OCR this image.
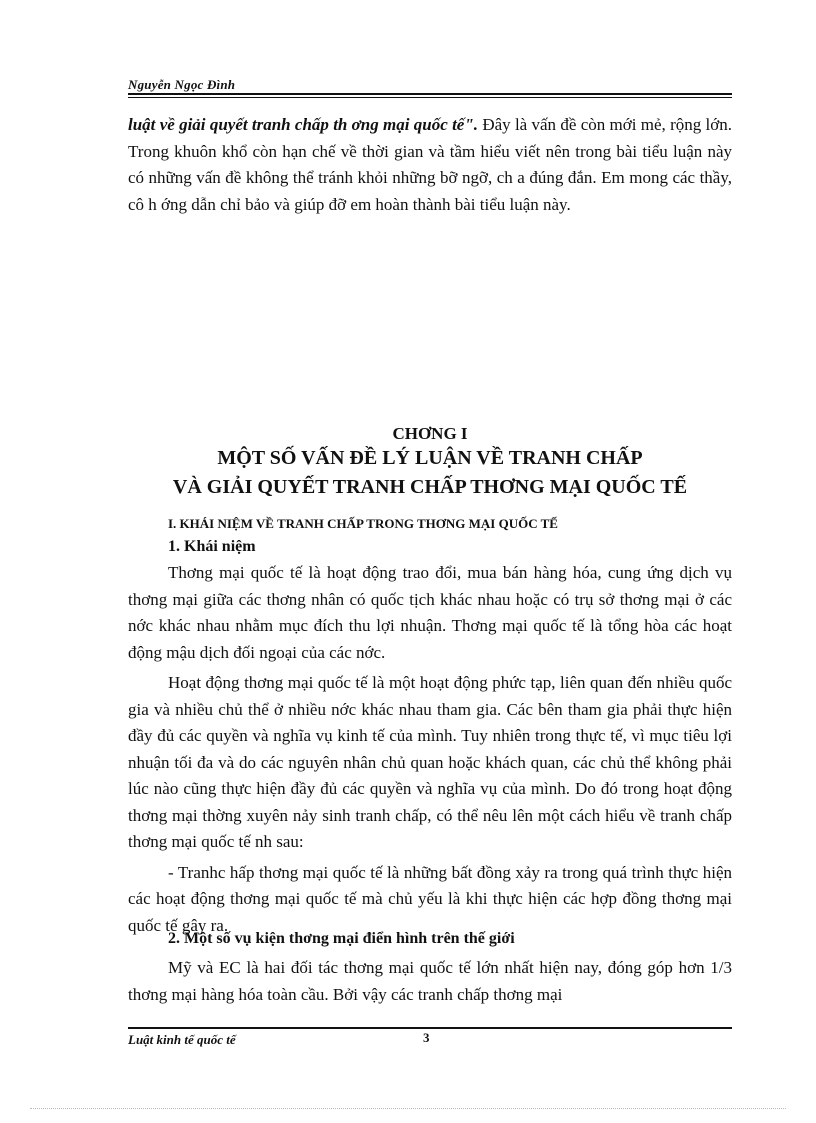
Nguyễn Ngọc Đình

luật về giải quyết tranh chấp th ơng mại quốc tế". Đây là vấn đề còn mới mẻ, rộng lớn. Trong khuôn khổ còn hạn chế về thời gian và tầm hiểu viết nên trong bài tiểu luận này có những vấn đề không thể tránh khỏi những bỡ ngỡ, ch a đúng đắn. Em mong các thầy, cô h ớng dẫn chỉ bảo và giúp đỡ em hoàn thành bài tiểu luận này.

CHƠNG I
MỘT SỐ VẤN ĐỀ LÝ LUẬN VỀ TRANH CHẤP
VÀ GIẢI QUYẾT TRANH CHẤP THƠNG MẠI QUỐC TẾ
I. KHÁI NIỆM VỀ TRANH CHẤP TRONG THƠNG MẠI QUỐC TẾ
1. Khái niệm

Thơng mại quốc tế là hoạt động trao đổi, mua bán hàng hóa, cung ứng dịch vụ thơng mại giữa các thơng nhân có quốc tịch khác nhau hoặc có trụ sở thơng mại ở các nớc khác nhau nhằm mục đích thu lợi nhuận. Thơng mại quốc tế là tổng hòa các hoạt động mậu dịch đối ngoại của các nớc.

Hoạt động thơng mại quốc tế là một hoạt động phức tạp, liên quan đến nhiều quốc gia và nhiều chủ thể ở nhiều nớc khác nhau tham gia. Các bên tham gia phải thực hiện đầy đủ các quyền và nghĩa vụ kinh tế của mình. Tuy nhiên trong thực tế, vì mục tiêu lợi nhuận tối đa và do các nguyên nhân chủ quan hoặc khách quan, các chủ thể không phải lúc nào cũng thực hiện đầy đủ các quyền và nghĩa vụ của mình. Do đó trong hoạt động thơng mại thờng xuyên nảy sinh tranh chấp, có thể nêu lên một cách hiểu về tranh chấp thơng mại quốc tế nh sau:

- Tranhc hấp thơng mại quốc tế là những bất đồng xảy ra trong quá trình thực hiện các hoạt động thơng mại quốc tế mà chủ yếu là khi thực hiện các hợp đồng thơng mại quốc tế gây ra.

2. Một số vụ kiện thơng mại điển hình trên thế giới

Mỹ và EC là hai đối tác thơng mại quốc tế lớn nhất hiện nay, đóng góp hơn 1/3 thơng mại hàng hóa toàn cầu. Bởi vậy các tranh chấp thơng mại

Luật kinh tế quốc tế	3
